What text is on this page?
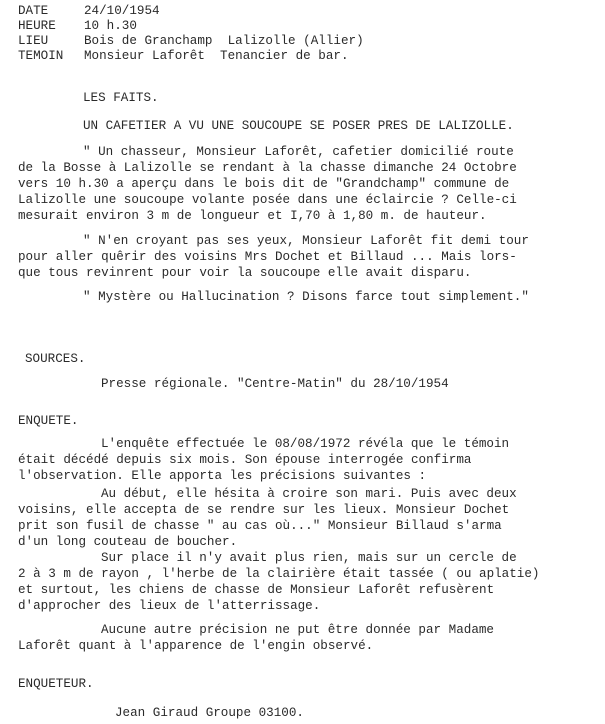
DATE	24/10/1954
HEURE 10 h.30
LIEU	Bois de Granchamp  Lalizolle (Allier)
TEMOIN Monsieur Laforêt  Tenancier de bar.
LES FAITS.
UN CAFETIER A VU UNE SOUCOUPE SE POSER PRES DE LALIZOLLE.
" Un chasseur, Monsieur Laforêt, cafetier domicilié route
de la Bosse à Lalizolle se rendant à la chasse dimanche 24 Octobre
vers 10 h.30 a aperçu dans le bois dit de "Grandchamp" commune de
Lalizolle une soucoupe volante posée dans une éclaircie ? Celle-ci
mesurait environ 3 m de longueur et I,70 à 1,80 m. de hauteur.
" N'en croyant pas ses yeux, Monsieur Laforêt fit demi tour
pour aller quêrir des voisins Mrs Dochet et Billaud ... Mais lors-
que tous revinrent pour voir la soucoupe elle avait disparu.
" Mystère ou Hallucination ? Disons farce tout simplement."
SOURCES.
Presse régionale. "Centre-Matin" du 28/10/1954
ENQUETE.
L'enquête effectuée le 08/08/1972 révéla que le témoin
était décédé depuis six mois. Son épouse interrogée confirma
l'observation. Elle apporta les précisions suivantes :
Au début, elle hésita à croire son mari. Puis avec deux
voisins, elle accepta de se rendre sur les lieux. Monsieur Dochet
prit son fusil de chasse " au cas où..." Monsieur Billaud s'arma
d'un long couteau de boucher.
Sur place il n'y avait plus rien, mais sur un cercle de
2 à 3 m de rayon , l'herbe de la clairière était tassée ( ou aplatie)
et surtout, les chiens de chasse de Monsieur Laforêt refusèrent
d'approcher des lieux de l'atterrissage.
Aucune autre précision ne put être donnée par Madame
Laforêt quant à l'apparence de l'engin observé.
ENQUETEUR.
Jean Giraud Groupe 03100.
